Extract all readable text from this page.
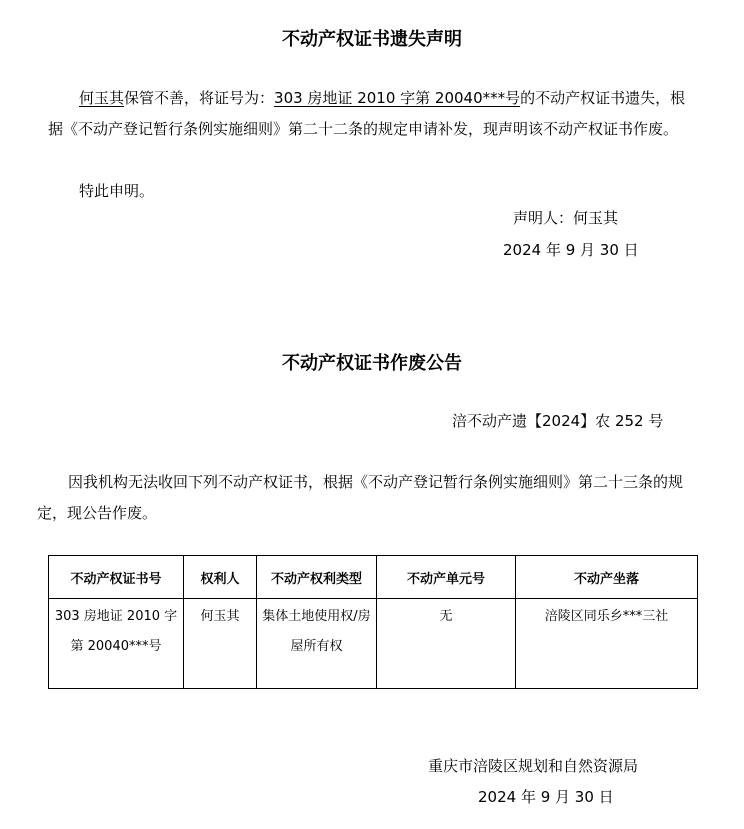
不动产权证书遗失声明

何玉其保管不善，将证号为：303 房地证 2010 字第 20040***号的不动产权证书遗失，根据《不动产登记暂行条例实施细则》第二十二条的规定申请补发，现声明该不动产权证书作废。

特此申明。

声明人：何玉其
2024 年 9 月 30 日
不动产权证书作废公告
涪不动产遗【2024】农 252 号

因我机构无法收回下列不动产权证书，根据《不动产登记暂行条例实施细则》第二十三条的规定，现公告作废。

不动产权证书号	权利人	不动产权利类型	不动产单元号	不动产坐落
303 房地证 2010 字第 20040***号	何玉其	集体土地使用权/房屋所有权	无	涪陵区同乐乡***三社
重庆市涪陵区规划和自然资源局
2024 年 9 月 30 日
